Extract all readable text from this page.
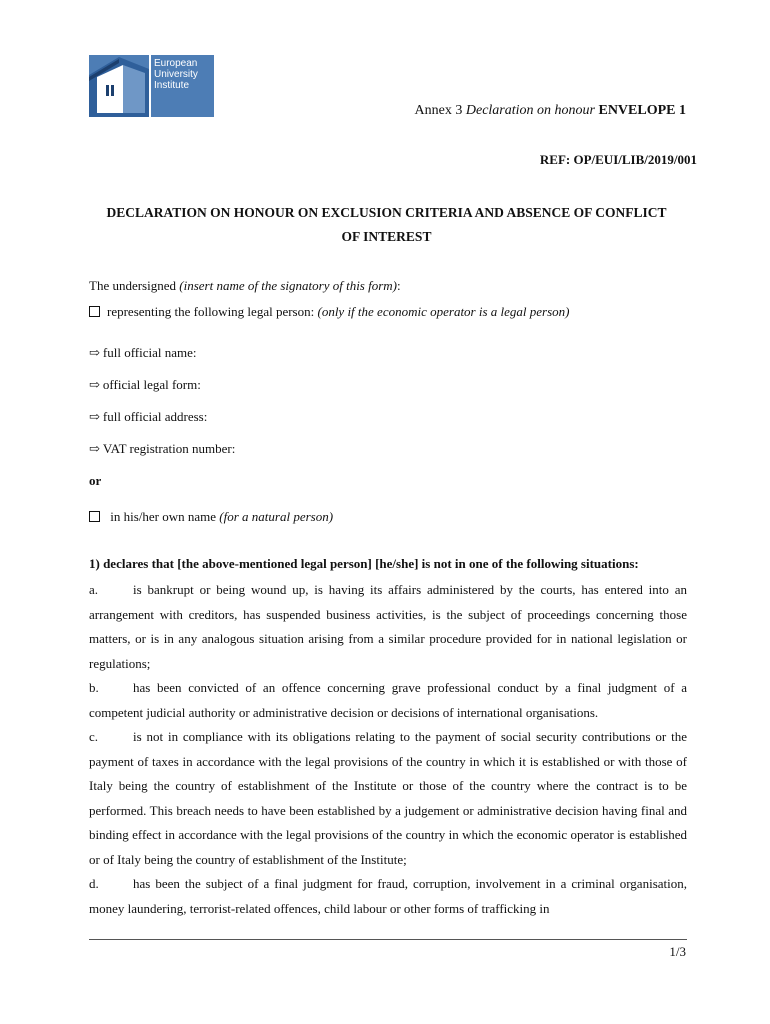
European
University
Institute
Annex 3 Declaration on honour ENVELOPE 1
REF: OP/EUI/LIB/2019/001
DECLARATION ON HONOUR ON EXCLUSION CRITERIA AND ABSENCE OF CONFLICT
OF INTEREST
The undersigned (insert name of the signatory of this form):
representing the following legal person: (only if the economic operator is a legal person)
⇨ full official name:
⇨ official legal form:
⇨ full official address:
⇨ VAT registration number:
or
in his/her own name (for a natural person)
1) declares that [the above-mentioned legal person] [he/she] is not in one of the following situations:
a.	is bankrupt or being wound up, is having its affairs administered by the courts, has entered into an arrangement with creditors, has suspended business activities, is the subject of proceedings concerning those matters, or is in any analogous situation arising from a similar procedure provided for in national legislation or regulations;
b.	has been convicted of an offence concerning grave professional conduct by a final judgment of a competent judicial authority or administrative decision or decisions of international organisations.
c.	is not in compliance with its obligations relating to the payment of social security contributions or the payment of taxes in accordance with the legal provisions of the country in which it is established or with those of Italy being the country of establishment of the Institute or those of the country where the contract is to be performed. This breach needs to have been established by a judgement or administrative decision having final and binding effect in accordance with the legal provisions of the country in which the economic operator is established or of Italy being the country of establishment of the Institute;
d.	has been the subject of a final judgment for fraud, corruption, involvement in a criminal organisation, money laundering, terrorist-related offences, child labour or other forms of trafficking in
1/3
